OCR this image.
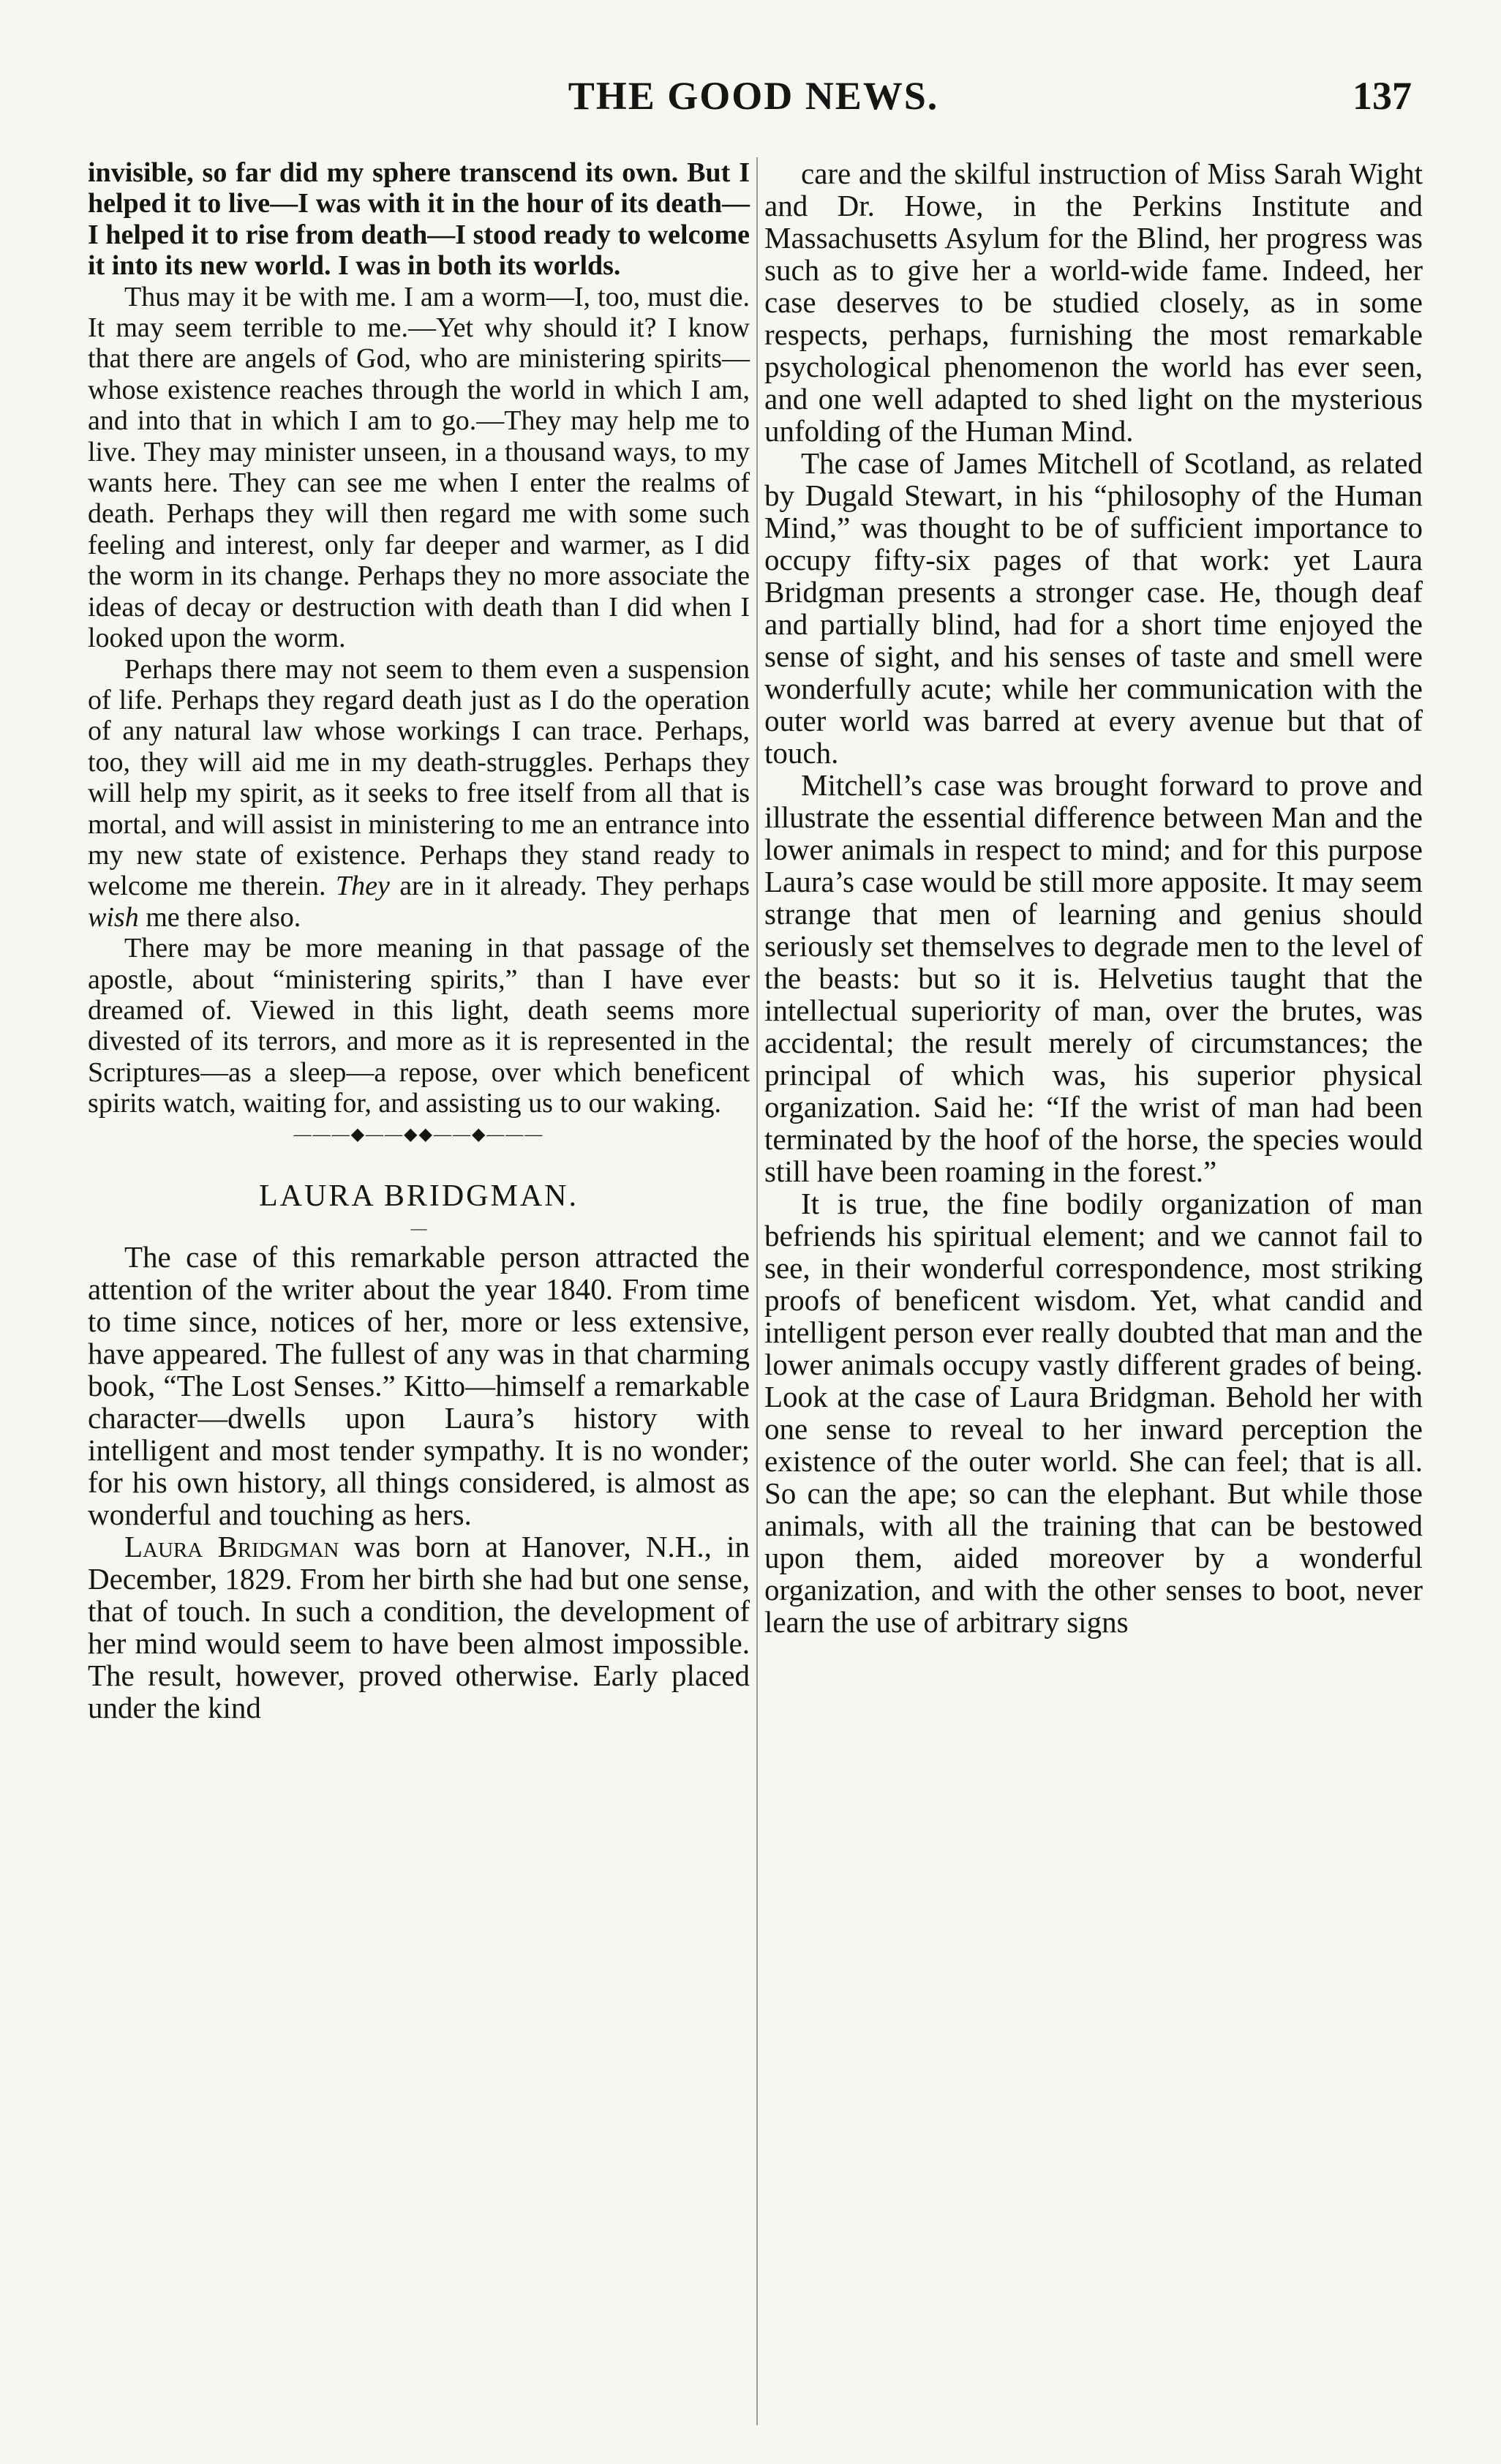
THE GOOD NEWS.	137

invisible, so far did my sphere transcend its own. But I helped it to live—I was with it in the hour of its death—I helped it to rise from death—I stood ready to welcome it into its new world. I was in both its worlds.

Thus may it be with me. I am a worm—I, too, must die. It may seem terrible to me.—Yet why should it? I know that there are angels of God, who are ministering spirits—whose existence reaches through the world in which I am, and into that in which I am to go.—They may help me to live. They may minister unseen, in a thousand ways, to my wants here. They can see me when I enter the realms of death. Perhaps they will then regard me with some such feeling and interest, only far deeper and warmer, as I did the worm in its change. Perhaps they no more associate the ideas of decay or destruction with death than I did when I looked upon the worm.

Perhaps there may not seem to them even a suspension of life. Perhaps they regard death just as I do the operation of any natural law whose workings I can trace. Perhaps, too, they will aid me in my death-struggles. Perhaps they will help my spirit, as it seeks to free itself from all that is mortal, and will assist in ministering to me an entrance into my new state of existence. Perhaps they stand ready to welcome me therein. They are in it already. They perhaps wish me there also.

There may be more meaning in that passage of the apostle, about “ministering spirits,” than I have ever dreamed of. Viewed in this light, death seems more divested of its terrors, and more as it is represented in the Scriptures—as a sleep—a repose, over which beneficent spirits watch, waiting for, and assisting us to our waking.

———◆——◆◆——◆———
LAURA BRIDGMAN.
—

The case of this remarkable person attracted the attention of the writer about the year 1840. From time to time since, notices of her, more or less extensive, have appeared. The fullest of any was in that charming book, “The Lost Senses.” Kitto—himself a remarkable character—dwells upon Laura’s history with intelligent and most tender sympathy. It is no wonder; for his own history, all things considered, is almost as wonderful and touching as hers.

Laura Bridgman was born at Hanover, N.H., in December, 1829. From her birth she had but one sense, that of touch. In such a condition, the development of her mind would seem to have been almost impossible. The result, however, proved otherwise. Early placed under the kind

care and the skilful instruction of Miss Sarah Wight and Dr. Howe, in the Perkins Institute and Massachusetts Asylum for the Blind, her progress was such as to give her a world-wide fame. Indeed, her case deserves to be studied closely, as in some respects, perhaps, furnishing the most remarkable psychological phenomenon the world has ever seen, and one well adapted to shed light on the mysterious unfolding of the Human Mind.

The case of James Mitchell of Scotland, as related by Dugald Stewart, in his “philosophy of the Human Mind,” was thought to be of sufficient importance to occupy fifty-six pages of that work: yet Laura Bridgman presents a stronger case. He, though deaf and partially blind, had for a short time enjoyed the sense of sight, and his senses of taste and smell were wonderfully acute; while her communication with the outer world was barred at every avenue but that of touch.

Mitchell’s case was brought forward to prove and illustrate the essential difference between Man and the lower animals in respect to mind; and for this purpose Laura’s case would be still more apposite. It may seem strange that men of learning and genius should seriously set themselves to degrade men to the level of the beasts: but so it is. Helvetius taught that the intellectual superiority of man, over the brutes, was accidental; the result merely of circumstances; the principal of which was, his superior physical organization. Said he: “If the wrist of man had been terminated by the hoof of the horse, the species would still have been roaming in the forest.”

It is true, the fine bodily organization of man befriends his spiritual element; and we cannot fail to see, in their wonderful correspondence, most striking proofs of beneficent wisdom. Yet, what candid and intelligent person ever really doubted that man and the lower animals occupy vastly different grades of being. Look at the case of Laura Bridgman. Behold her with one sense to reveal to her inward perception the existence of the outer world. She can feel; that is all. So can the ape; so can the elephant. But while those animals, with all the training that can be bestowed upon them, aided moreover by a wonderful organization, and with the other senses to boot, never learn the use of arbitrary signs
